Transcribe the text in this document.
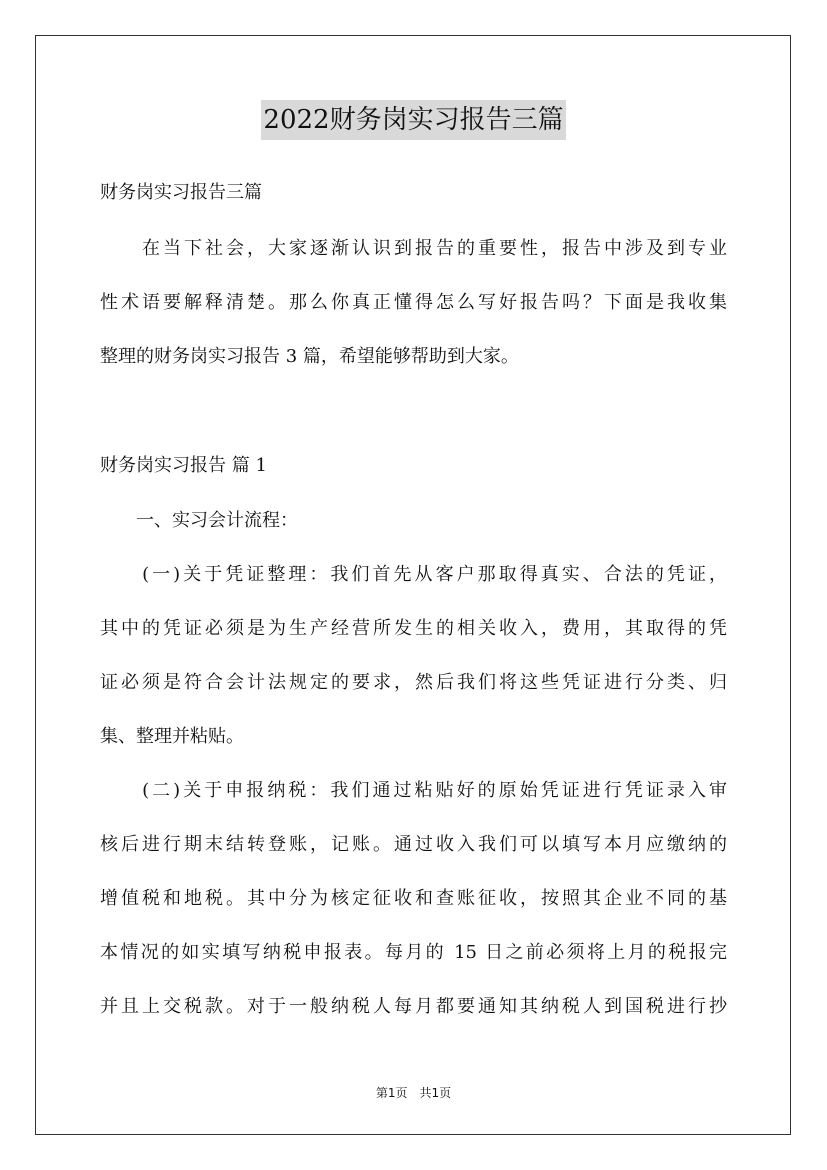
2022财务岗实习报告三篇
财务岗实习报告三篇
　　在当下社会，大家逐渐认识到报告的重要性，报告中涉及到专业
性术语要解释清楚。那么你真正懂得怎么写好报告吗？下面是我收集
整理的财务岗实习报告 3 篇，希望能够帮助到大家。
财务岗实习报告 篇 1
　　一、实习会计流程：
　　(一)关于凭证整理：我们首先从客户那取得真实、合法的凭证，
其中的凭证必须是为生产经营所发生的相关收入，费用，其取得的凭
证必须是符合会计法规定的要求，然后我们将这些凭证进行分类、归
集、整理并粘贴。
　　(二)关于申报纳税：我们通过粘贴好的原始凭证进行凭证录入审
核后进行期末结转登账，记账。通过收入我们可以填写本月应缴纳的
增值税和地税。其中分为核定征收和查账征收，按照其企业不同的基
本情况的如实填写纳税申报表。每月的 15 日之前必须将上月的税报完
并且上交税款。对于一般纳税人每月都要通知其纳税人到国税进行抄
第1页　共1页
